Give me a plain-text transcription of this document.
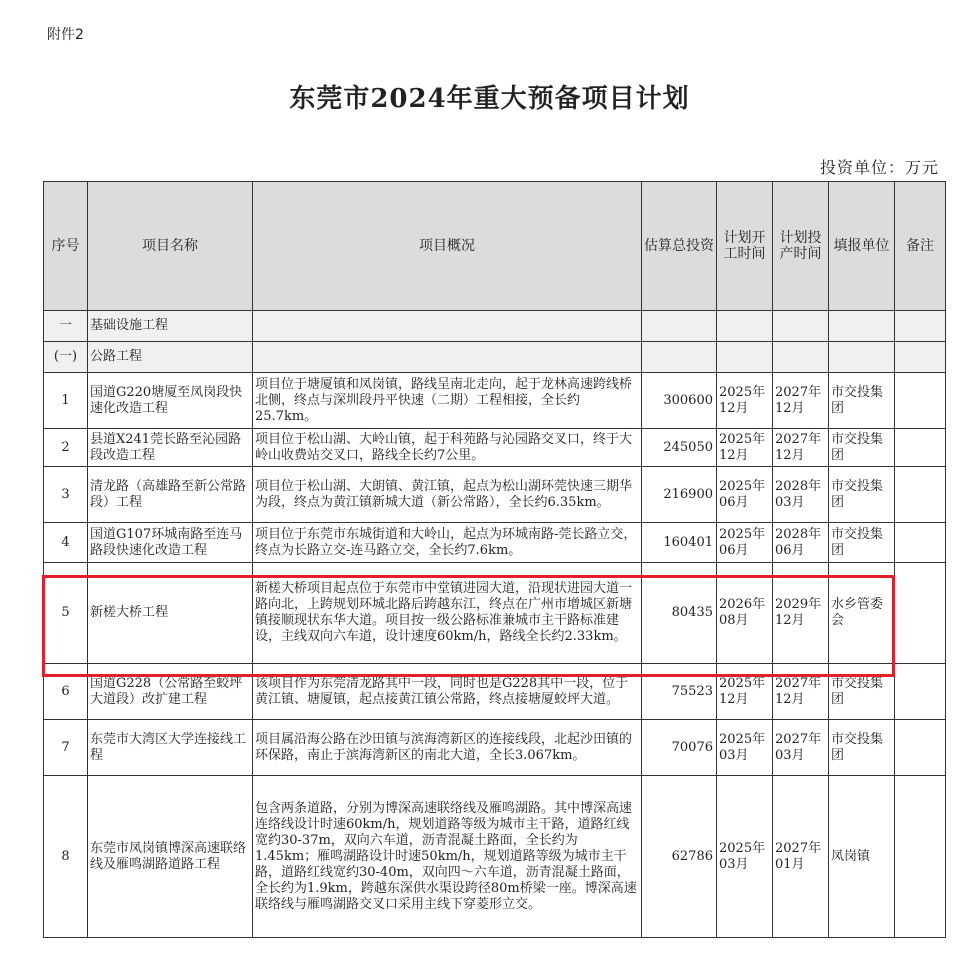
附件2
东莞市2024年重大预备项目计划
投资单位：万元
序号	项目名称	项目概况	估算总投资	计划开工时间	计划投产时间	填报单位	备注
一	基础设施工程						
(一)	公路工程						
1	国道G220塘厦至凤岗段快速化改造工程	项目位于塘厦镇和凤岗镇，路线呈南北走向，起于龙林高速跨线桥北侧，终点与深圳段丹平快速（二期）工程相接，全长约25.7km。	300600	2025年12月	2027年12月	市交投集团	
2	县道X241莞长路至沁园路段改造工程	项目位于松山湖、大岭山镇，起于科苑路与沁园路交叉口，终于大岭山收费站交叉口，路线全长约7公里。	245050	2025年12月	2027年12月	市交投集团	
3	清龙路（高雄路至新公常路段）工程	项目位于松山湖、大朗镇、黄江镇，起点为松山湖环莞快速三期华为段，终点为黄江镇新城大道（新公常路），全长约6.35km。	216900	2025年06月	2028年03月	市交投集团	
4	国道G107环城南路至连马路段快速化改造工程	项目位于东莞市东城街道和大岭山，起点为环城南路-莞长路立交，终点为长路立交-连马路立交，全长约7.6km。	160401	2025年06月	2028年06月	市交投集团	
5	新槎大桥工程	新槎大桥项目起点位于东莞市中堂镇进园大道，沿现状进园大道一路向北，上跨规划环城北路后跨越东江，终点在广州市增城区新塘镇接顺现状东华大道。项目按一级公路标准兼城市主干路标准建设，主线双向六车道，设计速度60km/h，路线全长约2.33km。	80435	2026年08月	2029年12月	水乡管委会	
6	国道G228（公常路至蛟坪大道段）改扩建工程	该项目作为东莞清龙路其中一段，同时也是G228其中一段，位于黄江镇、塘厦镇，起点接黄江镇公常路，终点接塘厦蛟坪大道。	75523	2025年12月	2027年12月	市交投集团	
7	东莞市大湾区大学连接线工程	项目属沿海公路在沙田镇与滨海湾新区的连接线段，北起沙田镇的环保路，南止于滨海湾新区的南北大道，全长3.067km。	70076	2025年03月	2027年03月	市交投集团	
8	东莞市凤岗镇博深高速联络线及雁鸣湖路道路工程	包含两条道路，分别为博深高速联络线及雁鸣湖路。其中博深高速连络线设计时速60km/h，规划道路等级为城市主干路，道路红线宽约30-37m，双向六车道，沥青混凝土路面，全长约为1.45km；雁鸣湖路设计时速50km/h，规划道路等级为城市主干路，道路红线宽约30-40m，双向四～六车道，沥青混凝土路面，全长约为1.9km，跨越东深供水渠设跨径80m桥梁一座。博深高速联络线与雁鸣湖路交叉口采用主线下穿菱形立交。	62786	2025年03月	2027年01月	凤岗镇	
